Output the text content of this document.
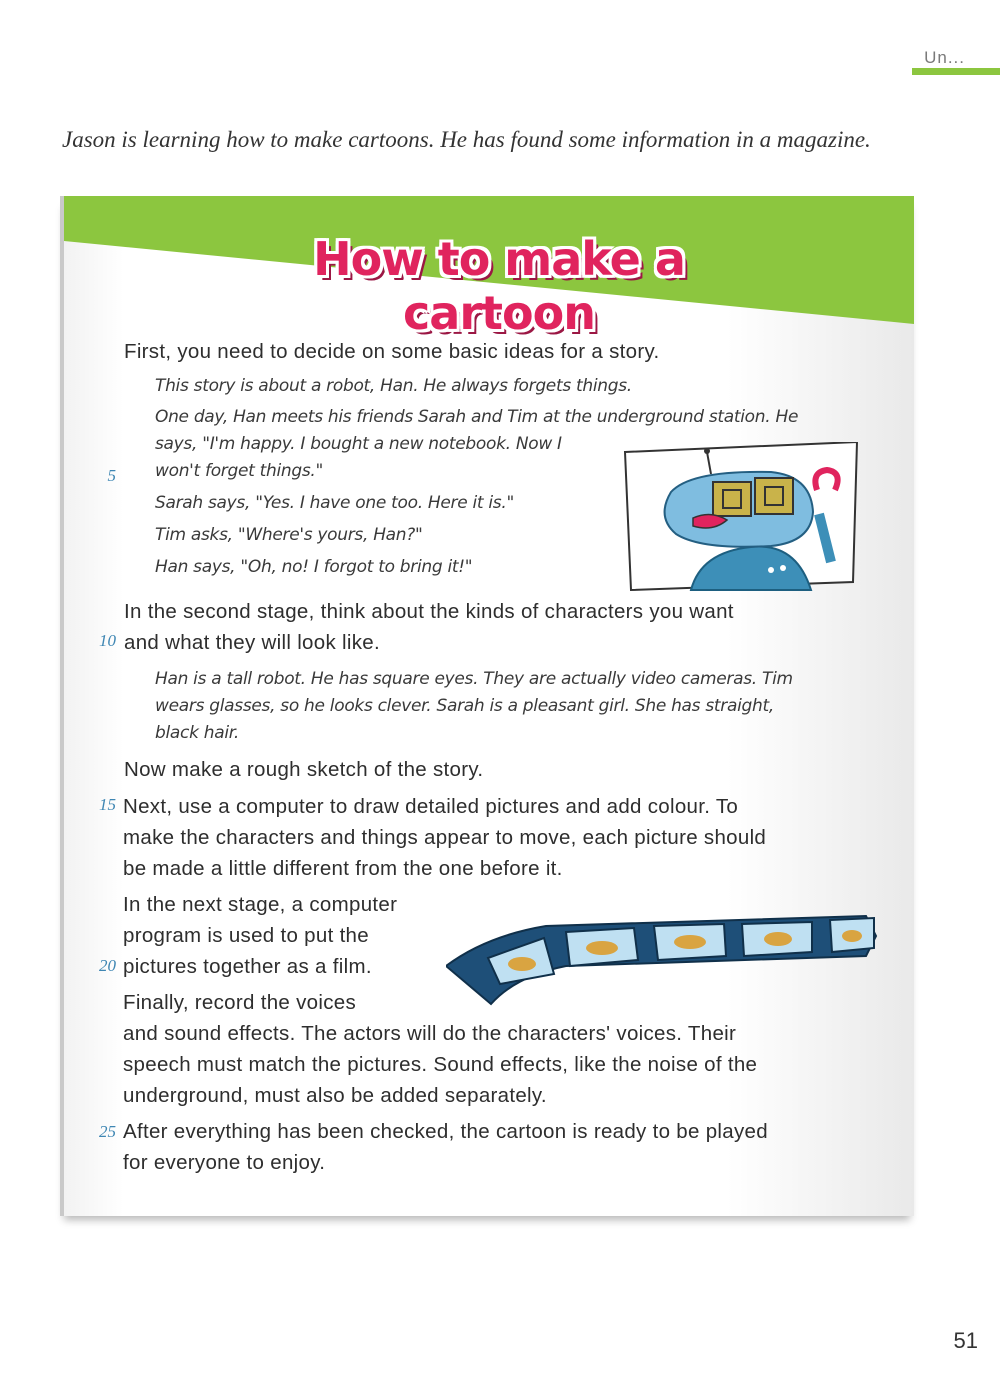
Un...
Jason is learning how to make cartoons. He has found some information in a magazine.
How to make a cartoon

First, you need to decide on some basic ideas for a story.

This story is about a robot, Han. He always forgets things.

One day, Han meets his friends Sarah and Tim at the underground station. He

says, "I'm happy. I bought a new notebook. Now I

won't forget things."

Sarah says, "Yes. I have one too. Here it is."

Tim asks, "Where's yours, Han?"

Han says, "Oh, no! I forgot to bring it!"

In the second stage, think about the kinds of characters you want

and what they will look like.

Han is a tall robot. He has square eyes. They are actually video cameras. Tim

wears glasses, so he looks clever. Sarah is a pleasant girl. She has straight,

black hair.

Now make a rough sketch of the story.

Next, use a computer to draw detailed pictures and add colour. To

make the characters and things appear to move, each picture should

be made a little different from the one before it.

In the next stage, a computer

program is used to put the

pictures together as a film.

Finally, record the voices

and sound effects. The actors will do the characters' voices. Their

speech must match the pictures. Sound effects, like the noise of the

underground, must also be added separately.

After everything has been checked, the cartoon is ready to be played

for everyone to enjoy.

5
10
15
20
25
51
